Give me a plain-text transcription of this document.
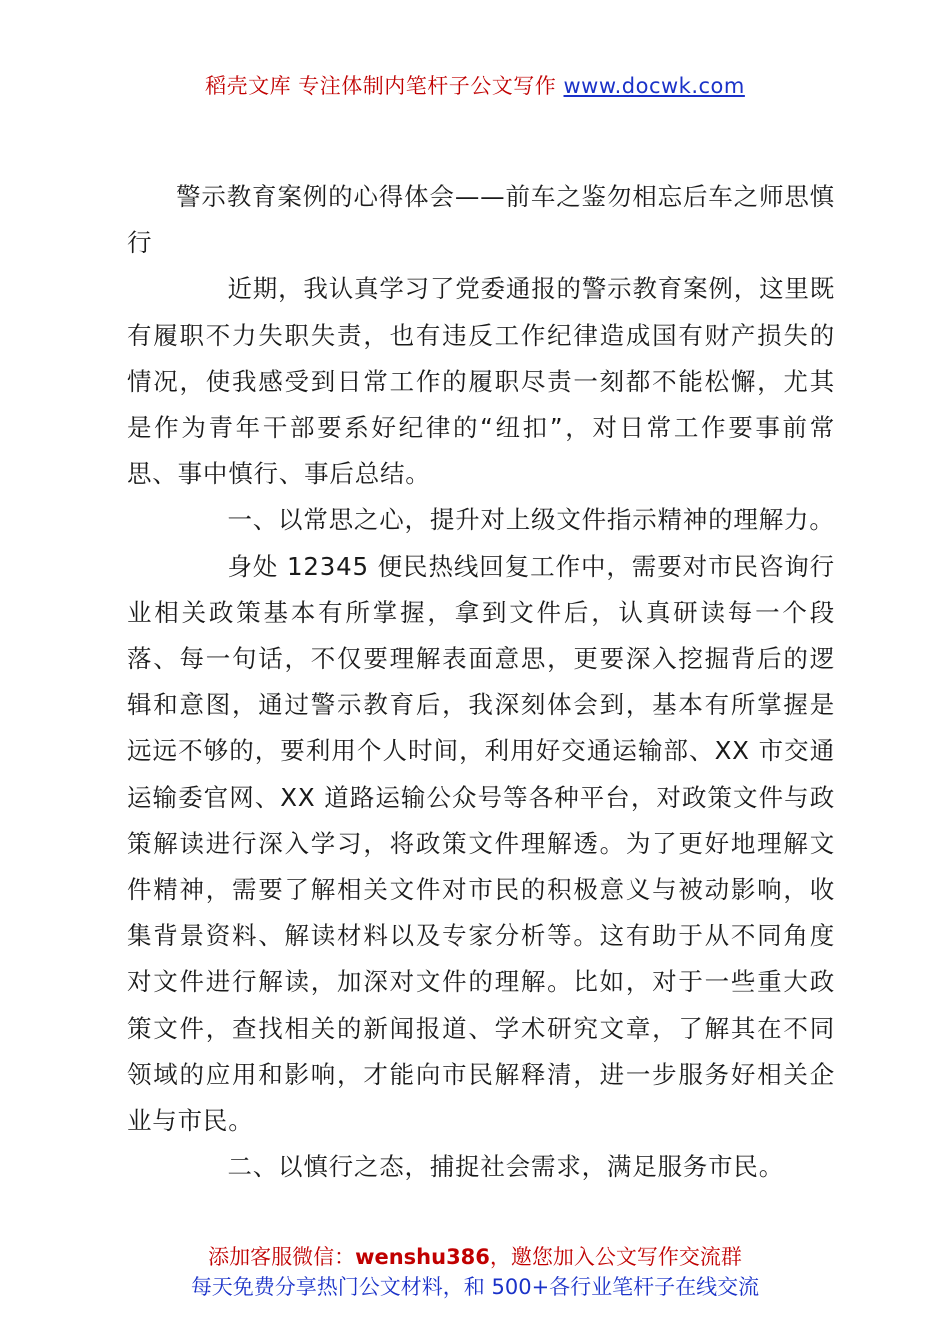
稻壳文库 专注体制内笔杆子公文写作 www.docwk.com

警示教育案例的心得体会——前车之鉴勿相忘后车之师思慎行

近期，我认真学习了党委通报的警示教育案例，这里既有履职不力失职失责，也有违反工作纪律造成国有财产损失的情况，使我感受到日常工作的履职尽责一刻都不能松懈，尤其是作为青年干部要系好纪律的“纽扣”，对日常工作要事前常思、事中慎行、事后总结。

一、以常思之心，提升对上级文件指示精神的理解力。

身处 12345 便民热线回复工作中，需要对市民咨询行业相关政策基本有所掌握，拿到文件后，认真研读每一个段落、每一句话，不仅要理解表面意思，更要深入挖掘背后的逻辑和意图，通过警示教育后，我深刻体会到，基本有所掌握是远远不够的，要利用个人时间，利用好交通运输部、XX 市交通运输委官网、XX 道路运输公众号等各种平台，对政策文件与政策解读进行深入学习，将政策文件理解透。为了更好地理解文件精神，需要了解相关文件对市民的积极意义与被动影响，收集背景资料、解读材料以及专家分析等。这有助于从不同角度对文件进行解读，加深对文件的理解。比如，对于一些重大政策文件，查找相关的新闻报道、学术研究文章，了解其在不同领域的应用和影响，才能向市民解释清，进一步服务好相关企业与市民。

二、以慎行之态，捕捉社会需求，满足服务市民。

添加客服微信：wenshu386，邀您加入公文写作交流群
每天免费分享热门公文材料，和 500+各行业笔杆子在线交流
